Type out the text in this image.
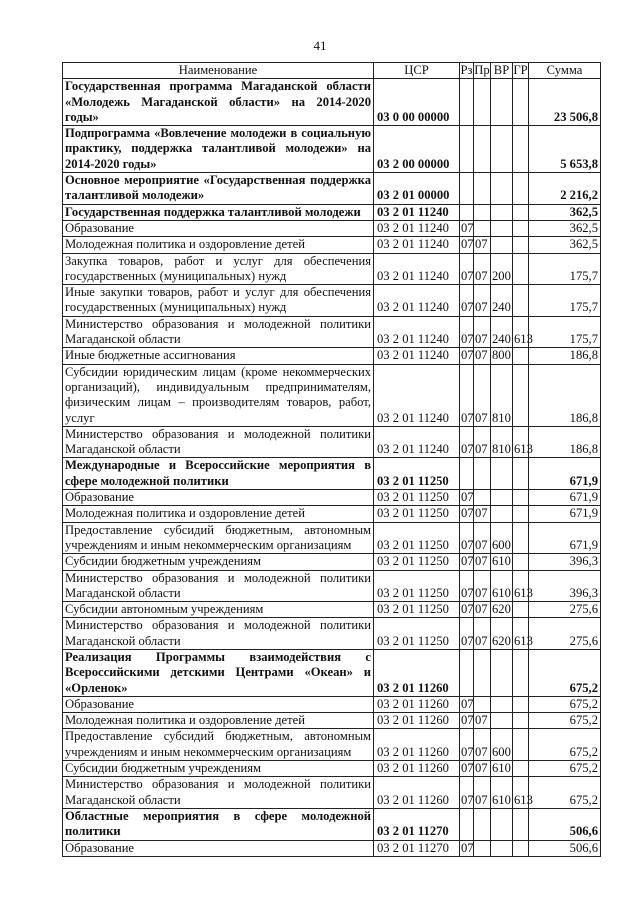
41
Наименование	ЦСР	Рз	Пр	ВР	ГР	Сумма
Государственная программа Магаданской области «Молодежь Магаданской области» на 2014-2020 годы»	03 0 00 00000					23 506,8
Подпрограмма «Вовлечение молодежи в социальную практику, поддержка талантливой молодежи» на 2014-2020 годы»	03 2 00 00000					5 653,8
Основное мероприятие «Государственная поддержка талантливой молодежи»	03 2 01 00000					2 216,2
Государственная поддержка талантливой молодежи	03 2 01 11240					362,5
Образование	03 2 01 11240	07				362,5
Молодежная политика и оздоровление детей	03 2 01 11240	07	07			362,5
Закупка товаров, работ и услуг для обеспечения государственных (муниципальных) нужд	03 2 01 11240	07	07	200		175,7
Иные закупки товаров, работ и услуг для обеспечения государственных (муниципальных) нужд	03 2 01 11240	07	07	240		175,7
Министерство образования и молодежной политики Магаданской области	03 2 01 11240	07	07	240	613	175,7
Иные бюджетные ассигнования	03 2 01 11240	07	07	800		186,8
Субсидии юридическим лицам (кроме некоммерческих организаций), индивидуальным предпринимателям, физическим лицам – производителям товаров, работ, услуг	03 2 01 11240	07	07	810		186,8
Министерство образования и молодежной политики Магаданской области	03 2 01 11240	07	07	810	613	186,8
Международные и Всероссийские мероприятия в сфере молодежной политики	03 2 01 11250					671,9
Образование	03 2 01 11250	07				671,9
Молодежная политика и оздоровление детей	03 2 01 11250	07	07			671,9
Предоставление субсидий бюджетным, автономным учреждениям и иным некоммерческим организациям	03 2 01 11250	07	07	600		671,9
Субсидии бюджетным учреждениям	03 2 01 11250	07	07	610		396,3
Министерство образования и молодежной политики Магаданской области	03 2 01 11250	07	07	610	613	396,3
Субсидии автономным учреждениям	03 2 01 11250	07	07	620		275,6
Министерство образования и молодежной политики Магаданской области	03 2 01 11250	07	07	620	613	275,6
Реализация Программы взаимодействия с Всероссийскими детскими Центрами «Океан» и «Орленок»	03 2 01 11260					675,2
Образование	03 2 01 11260	07				675,2
Молодежная политика и оздоровление детей	03 2 01 11260	07	07			675,2
Предоставление субсидий бюджетным, автономным учреждениям и иным некоммерческим организациям	03 2 01 11260	07	07	600		675,2
Субсидии бюджетным учреждениям	03 2 01 11260	07	07	610		675,2
Министерство образования и молодежной политики Магаданской области	03 2 01 11260	07	07	610	613	675,2
Областные мероприятия в сфере молодежной политики	03 2 01 11270					506,6
Образование	03 2 01 11270	07				506,6
